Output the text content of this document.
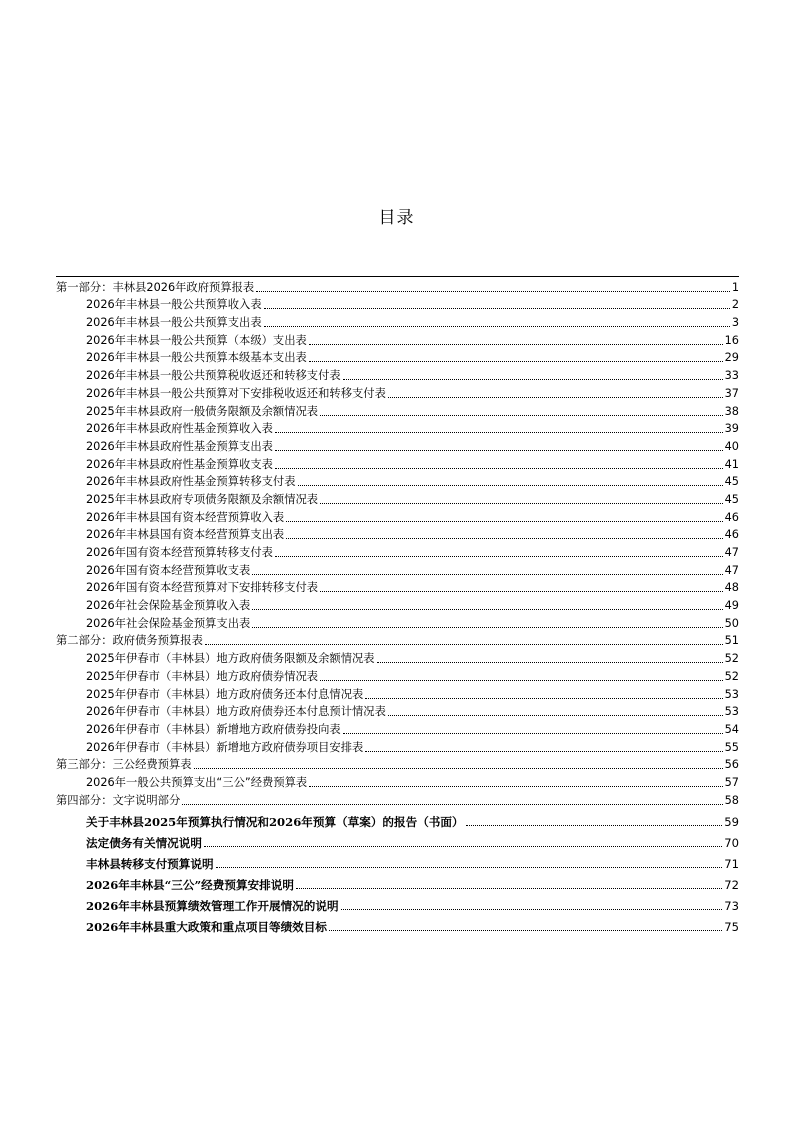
目录
第一部分：丰林县2026年政府预算报表	1
2026年丰林县一般公共预算收入表	2
2026年丰林县一般公共预算支出表	3
2026年丰林县一般公共预算（本级）支出表	16
2026年丰林县一般公共预算本级基本支出表	29
2026年丰林县一般公共预算税收返还和转移支付表	33
2026年丰林县一般公共预算对下安排税收返还和转移支付表	37
2025年丰林县政府一般债务限额及余额情况表	38
2026年丰林县政府性基金预算收入表	39
2026年丰林县政府性基金预算支出表	40
2026年丰林县政府性基金预算收支表	41
2026年丰林县政府性基金预算转移支付表	45
2025年丰林县政府专项债务限额及余额情况表	45
2026年丰林县国有资本经营预算收入表	46
2026年丰林县国有资本经营预算支出表	46
2026年国有资本经营预算转移支付表	47
2026年国有资本经营预算收支表	47
2026年国有资本经营预算对下安排转移支付表	48
2026年社会保险基金预算收入表	49
2026年社会保险基金预算支出表	50
第二部分：政府债务预算报表	51
2025年伊春市（丰林县）地方政府债务限额及余额情况表	52
2025年伊春市（丰林县）地方政府债券情况表	52
2025年伊春市（丰林县）地方政府债务还本付息情况表	53
2026年伊春市（丰林县）地方政府债券还本付息预计情况表	53
2026年伊春市（丰林县）新增地方政府债券投向表	54
2026年伊春市（丰林县）新增地方政府债券项目安排表	55
第三部分：三公经费预算表	56
2026年一般公共预算支出“三公”经费预算表	57
第四部分：文字说明部分	58
关于丰林县2025年预算执行情况和2026年预算（草案）的报告（书面）	59
法定债务有关情况说明	70
丰林县转移支付预算说明	71
2026年丰林县“三公”经费预算安排说明	72
2026年丰林县预算绩效管理工作开展情况的说明	73
2026年丰林县重大政策和重点项目等绩效目标	75
